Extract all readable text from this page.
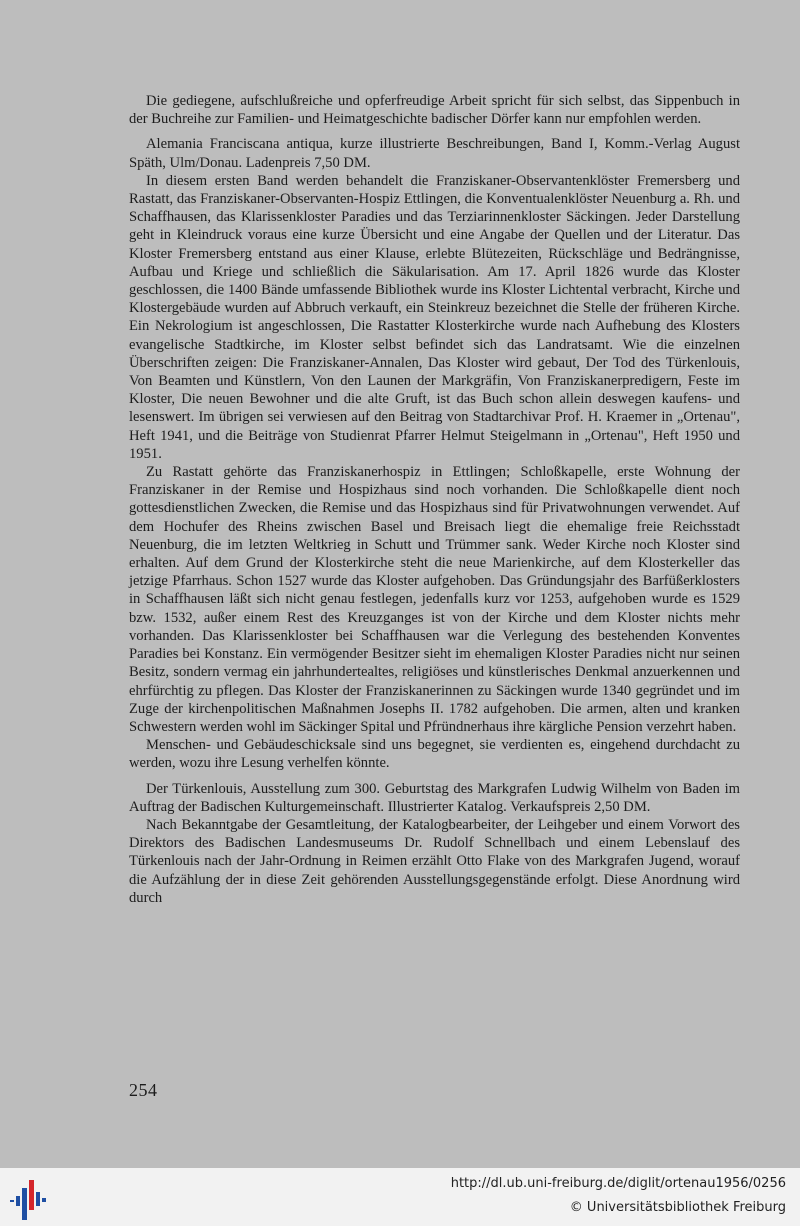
Die gediegene, aufschlußreiche und opferfreudige Arbeit spricht für sich selbst, das Sippenbuch in der Buchreihe zur Familien- und Heimatgeschichte badischer Dörfer kann nur empfohlen werden.

Alemania Franciscana antiqua, kurze illustrierte Beschreibungen, Band I, Komm.-Verlag August Späth, Ulm/Donau. Ladenpreis 7,50 DM.

In diesem ersten Band werden behandelt die Franziskaner-Observantenklöster Fremersberg und Rastatt, das Franziskaner-Observanten-Hospiz Ettlingen, die Konventualenklöster Neuenburg a. Rh. und Schaffhausen, das Klarissenkloster Paradies und das Terziarinnenkloster Säckingen. Jeder Darstellung geht in Kleindruck voraus eine kurze Übersicht und eine Angabe der Quellen und der Literatur. Das Kloster Fremersberg entstand aus einer Klause, erlebte Blütezeiten, Rückschläge und Bedrängnisse, Aufbau und Kriege und schließlich die Säkularisation. Am 17. April 1826 wurde das Kloster geschlossen, die 1400 Bände umfassende Bibliothek wurde ins Kloster Lichtental verbracht, Kirche und Klostergebäude wurden auf Abbruch verkauft, ein Steinkreuz bezeichnet die Stelle der früheren Kirche. Ein Nekrologium ist angeschlossen, Die Rastatter Klosterkirche wurde nach Aufhebung des Klosters evangelische Stadtkirche, im Kloster selbst befindet sich das Landratsamt. Wie die einzelnen Überschriften zeigen: Die Franziskaner-Annalen, Das Kloster wird gebaut, Der Tod des Türkenlouis, Von Beamten und Künstlern, Von den Launen der Markgräfin, Von Franziskanerpredigern, Feste im Kloster, Die neuen Bewohner und die alte Gruft, ist das Buch schon allein deswegen kaufens- und lesenswert. Im übrigen sei verwiesen auf den Beitrag von Stadtarchivar Prof. H. Kraemer in „Ortenau", Heft 1941, und die Beiträge von Studienrat Pfarrer Helmut Steigelmann in „Ortenau", Heft 1950 und 1951.

Zu Rastatt gehörte das Franziskanerhospiz in Ettlingen; Schloßkapelle, erste Wohnung der Franziskaner in der Remise und Hospizhaus sind noch vorhanden. Die Schloßkapelle dient noch gottesdienstlichen Zwecken, die Remise und das Hospizhaus sind für Privatwohnungen verwendet. Auf dem Hochufer des Rheins zwischen Basel und Breisach liegt die ehemalige freie Reichsstadt Neuenburg, die im letzten Weltkrieg in Schutt und Trümmer sank. Weder Kirche noch Kloster sind erhalten. Auf dem Grund der Klosterkirche steht die neue Marienkirche, auf dem Klosterkeller das jetzige Pfarrhaus. Schon 1527 wurde das Kloster aufgehoben. Das Gründungsjahr des Barfüßerklosters in Schaffhausen läßt sich nicht genau festlegen, jedenfalls kurz vor 1253, aufgehoben wurde es 1529 bzw. 1532, außer einem Rest des Kreuzganges ist von der Kirche und dem Kloster nichts mehr vorhanden. Das Klarissenkloster bei Schaffhausen war die Verlegung des bestehenden Konventes Paradies bei Konstanz. Ein vermögender Besitzer sieht im ehemaligen Kloster Paradies nicht nur seinen Besitz, sondern vermag ein jahrhundertealtes, religiöses und künstlerisches Denkmal anzuerkennen und ehrfürchtig zu pflegen. Das Kloster der Franziskanerinnen zu Säckingen wurde 1340 gegründet und im Zuge der kirchenpolitischen Maßnahmen Josephs II. 1782 aufgehoben. Die armen, alten und kranken Schwestern werden wohl im Säckinger Spital und Pfründnerhaus ihre kärgliche Pension verzehrt haben.

Menschen- und Gebäudeschicksale sind uns begegnet, sie verdienten es, eingehend durchdacht zu werden, wozu ihre Lesung verhelfen könnte.

Der Türkenlouis, Ausstellung zum 300. Geburtstag des Markgrafen Ludwig Wilhelm von Baden im Auftrag der Badischen Kulturgemeinschaft. Illustrierter Katalog. Verkaufspreis 2,50 DM.

Nach Bekanntgabe der Gesamtleitung, der Katalogbearbeiter, der Leihgeber und einem Vorwort des Direktors des Badischen Landesmuseums Dr. Rudolf Schnellbach und einem Lebenslauf des Türkenlouis nach der Jahr-Ordnung in Reimen erzählt Otto Flake von des Markgrafen Jugend, worauf die Aufzählung der in diese Zeit gehörenden Ausstellungsgegenstände erfolgt. Diese Anordnung wird durch

254
http://dl.ub.uni-freiburg.de/diglit/ortenau1956/0256
© Universitätsbibliothek Freiburg
